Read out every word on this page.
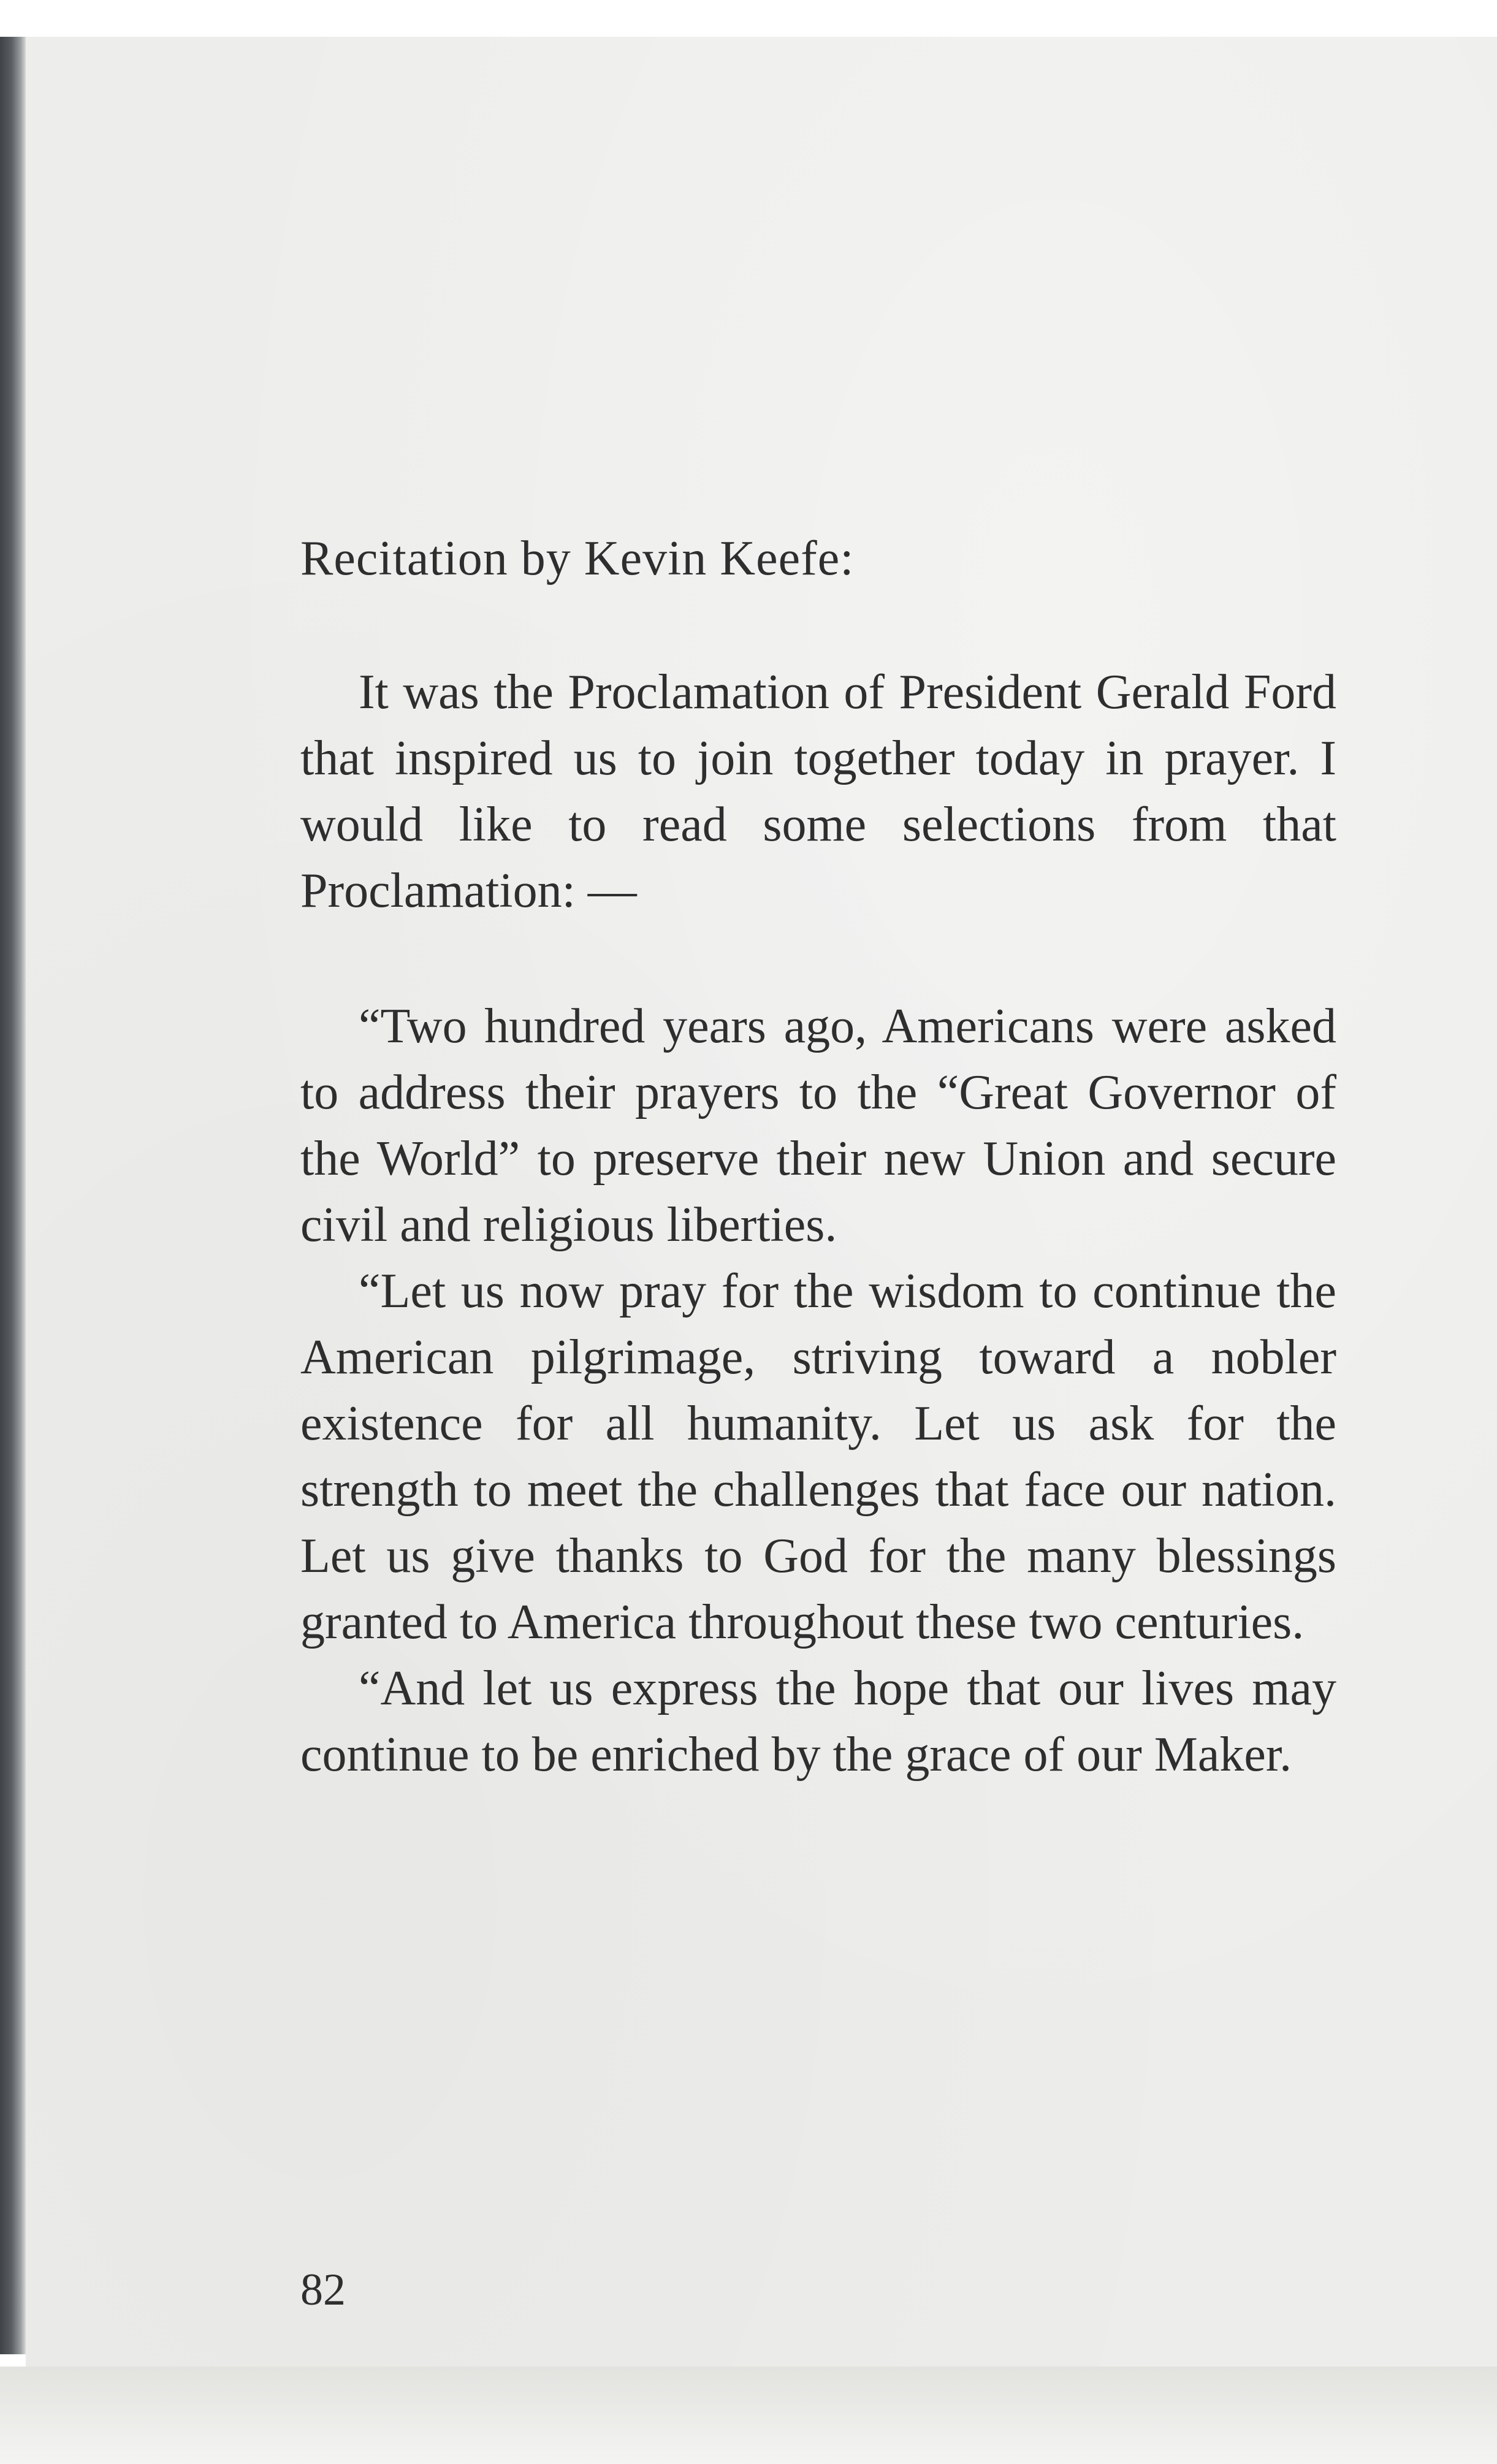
Recitation by Kevin Keefe:
It was the Proclamation of President Gerald Ford that inspired us to join together today in prayer. I would like to read some selections from that Proclamation: —

“Two hundred years ago, Americans were asked to address their prayers to the “Great Governor of the World” to preserve their new Union and secure civil and religious liberties.

“Let us now pray for the wisdom to continue the American pilgrimage, striving toward a nobler existence for all humanity. Let us ask for the strength to meet the challenges that face our nation. Let us give thanks to God for the many blessings granted to America throughout these two centuries.

“And let us express the hope that our lives may continue to be enriched by the grace of our Maker.

82
